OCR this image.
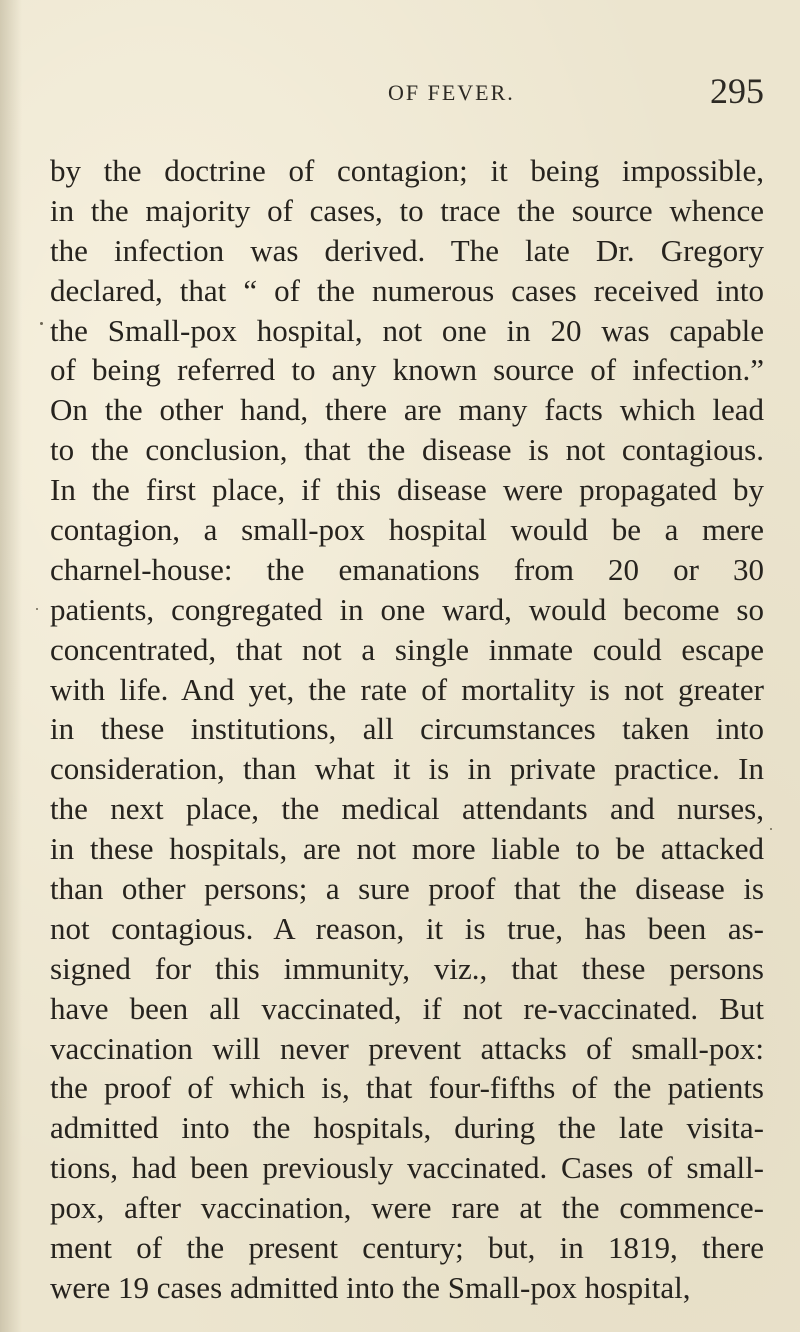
OF FEVER.	295
by the doctrine of contagion; it being impossible,
in the majority of cases, to trace the source whence
the infection was derived. The late Dr. Gregory
declared, that “ of the numerous cases received into
the Small-pox hospital, not one in 20 was capable
of being referred to any known source of infection.”
On the other hand, there are many facts which lead
to the conclusion, that the disease is not contagious.
In the first place, if this disease were propagated by
contagion, a small-pox hospital would be a mere
charnel-house: the emanations from 20 or 30
patients, congregated in one ward, would become so
concentrated, that not a single inmate could escape
with life. And yet, the rate of mortality is not greater
in these institutions, all circumstances taken into
consideration, than what it is in private practice. In
the next place, the medical attendants and nurses,
in these hospitals, are not more liable to be attacked
than other persons; a sure proof that the disease is
not contagious. A reason, it is true, has been as-
signed for this immunity, viz., that these persons
have been all vaccinated, if not re-vaccinated. But
vaccination will never prevent attacks of small-pox:
the proof of which is, that four-fifths of the patients
admitted into the hospitals, during the late visita-
tions, had been previously vaccinated. Cases of small-
pox, after vaccination, were rare at the commence-
ment of the present century; but, in 1819, there
were 19 cases admitted into the Small-pox hospital,
